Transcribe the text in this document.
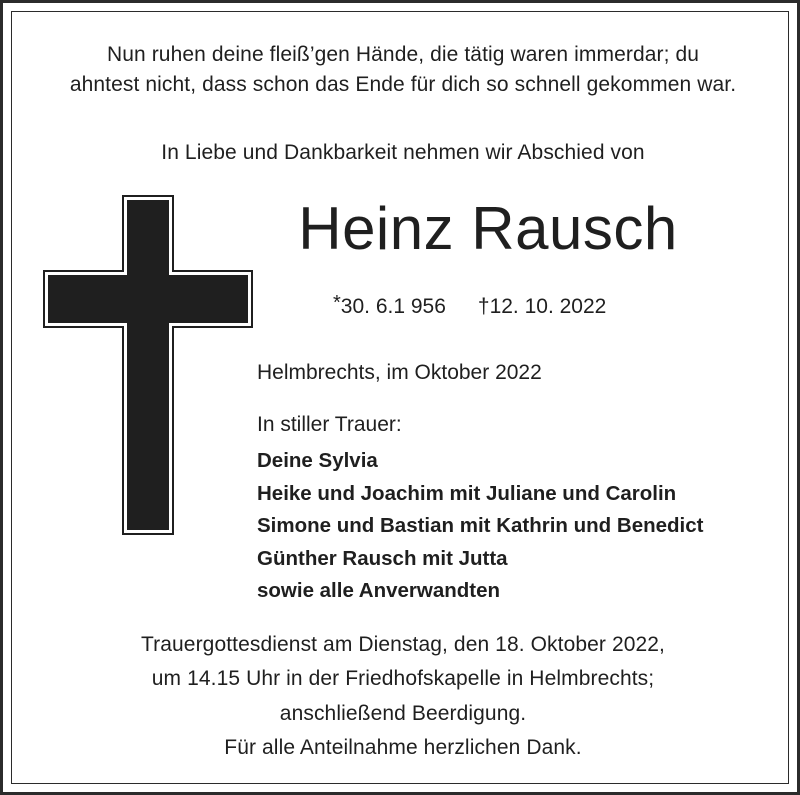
Nun ruhen deine fleiß’gen Hände, die tätig waren immerdar; du
ahntest nicht, dass schon das Ende für dich so schnell gekommen war.
In Liebe und Dankbarkeit nehmen wir Abschied von
Heinz Rausch
*30. 6.1 956 †12. 10. 2022
Helmbrechts, im Oktober 2022
In stiller Trauer:
Deine Sylvia
Heike und Joachim mit Juliane und Carolin
Simone und Bastian mit Kathrin und Benedict
Günther Rausch mit Jutta
sowie alle Anverwandten
Trauergottesdienst am Dienstag, den 18. Oktober 2022,
um 14.15 Uhr in der Friedhofskapelle in Helmbrechts;
anschließend Beerdigung.
Für alle Anteilnahme herzlichen Dank.
